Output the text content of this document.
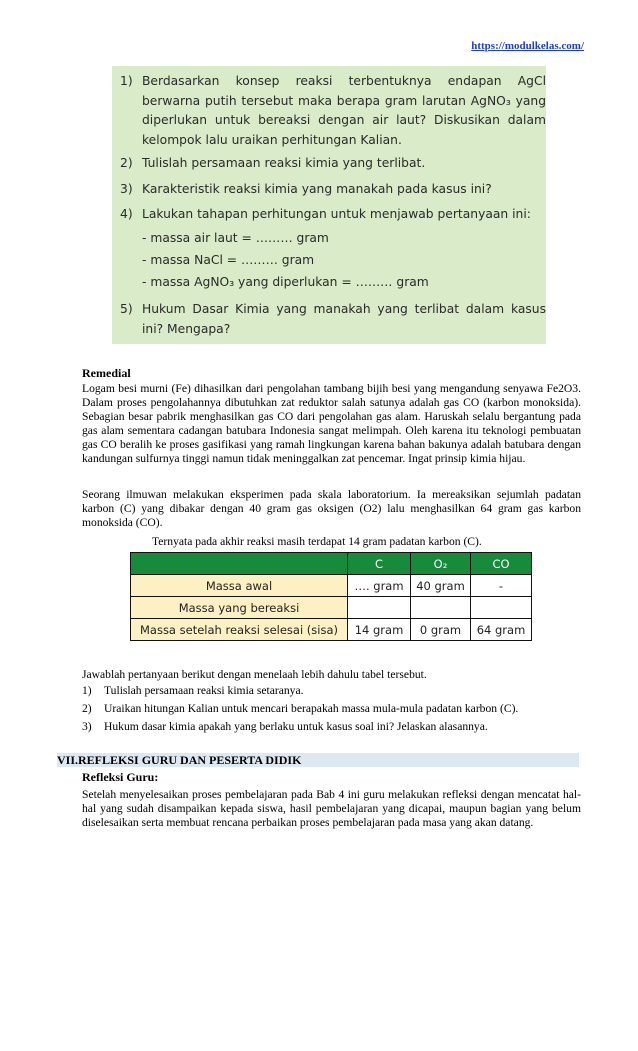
https://modulkelas.com/
1) Berdasarkan konsep reaksi terbentuknya endapan AgCl berwarna putih tersebut maka berapa gram larutan AgNO₃ yang diperlukan untuk bereaksi dengan air laut? Diskusikan dalam kelompok lalu uraikan perhitungan Kalian.
2) Tulislah persamaan reaksi kimia yang terlibat.
3) Karakteristik reaksi kimia yang manakah pada kasus ini?
4) Lakukan tahapan perhitungan untuk menjawab pertanyaan ini:
- massa air laut = ……… gram
- massa NaCl = ……… gram
- massa AgNO₃ yang diperlukan = ……… gram
5) Hukum Dasar Kimia yang manakah yang terlibat dalam kasus ini? Mengapa?
Remedial
Logam besi murni (Fe) dihasilkan dari pengolahan tambang bijih besi yang mengandung senyawa Fe2O3. Dalam proses pengolahannya dibutuhkan zat reduktor salah satunya adalah gas CO (karbon monoksida). Sebagian besar pabrik menghasilkan gas CO dari pengolahan gas alam. Haruskah selalu bergantung pada gas alam sementara cadangan batubara Indonesia sangat melimpah. Oleh karena itu teknologi pembuatan gas CO beralih ke proses gasifikasi yang ramah lingkungan karena bahan bakunya adalah batubara dengan kandungan sulfurnya tinggi namun tidak meninggalkan zat pencemar. Ingat prinsip kimia hijau.
Seorang ilmuwan melakukan eksperimen pada skala laboratorium. Ia mereaksikan sejumlah padatan karbon (C) yang dibakar dengan 40 gram gas oksigen (O2) lalu menghasilkan 64 gram gas karbon monoksida (CO).
Ternyata pada akhir reaksi masih terdapat 14 gram padatan karbon (C).
	C	O₂	CO
Massa awal	…. gram	40 gram	-
Massa yang bereaksi			
Massa setelah reaksi selesai (sisa)	14 gram	0 gram	64 gram
Jawablah pertanyaan berikut dengan menelaah lebih dahulu tabel tersebut.
1) Tulislah persamaan reaksi kimia setaranya.
2) Uraikan hitungan Kalian untuk mencari berapakah massa mula-mula padatan karbon (C).
3) Hukum dasar kimia apakah yang berlaku untuk kasus soal ini? Jelaskan alasannya.
VII.REFLEKSI GURU DAN PESERTA DIDIK
Refleksi Guru:
Setelah menyelesaikan proses pembelajaran pada Bab 4 ini guru melakukan refleksi dengan mencatat hal-hal yang sudah disampaikan kepada siswa, hasil pembelajaran yang dicapai, maupun bagian yang belum diselesaikan serta membuat rencana perbaikan proses pembelajaran pada masa yang akan datang.
